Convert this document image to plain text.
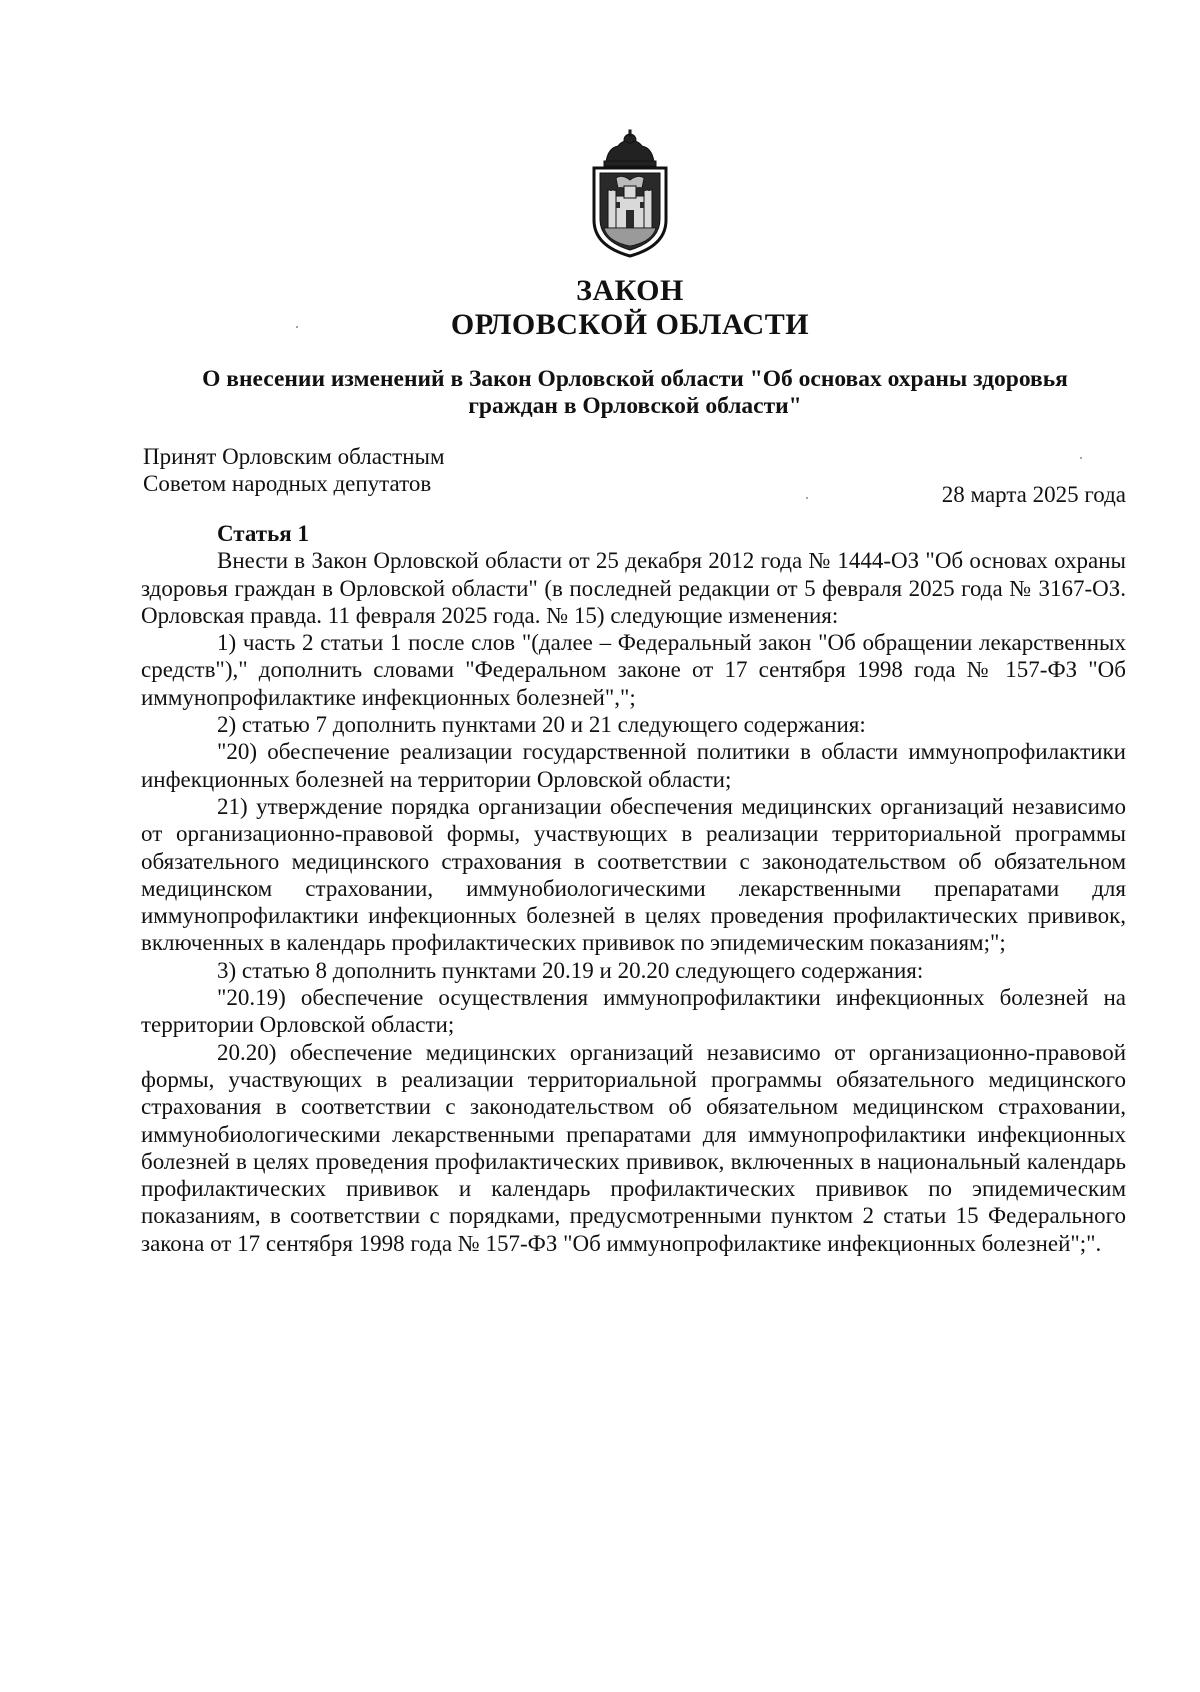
ЗАКОН
ОРЛОВСКОЙ ОБЛАСТИ
О внесении изменений в Закон Орловской области "Об основах охраны здоровья
граждан в Орловской области"
Принят Орловским областным
Советом народных депутатов	28 марта 2025 года

Статья 1

Внести в Закон Орловской области от 25 декабря 2012 года № 1444-ОЗ "Об основах охраны здоровья граждан в Орловской области" (в последней редакции от 5 февраля 2025 года № 3167-ОЗ. Орловская правда. 11 февраля 2025 года. № 15) следующие изменения:

1) часть 2 статьи 1 после слов "(далее – Федеральный закон "Об обращении лекарственных средств")," дополнить словами "Федеральном законе от 17 сентября 1998 года № 157-ФЗ "Об иммунопрофилактике инфекционных болезней",";

2) статью 7 дополнить пунктами 20 и 21 следующего содержания:

"20) обеспечение реализации государственной политики в области иммунопрофилактики инфекционных болезней на территории Орловской области;

21) утверждение порядка организации обеспечения медицинских организаций независимо от организационно-правовой формы, участвующих в реализации территориальной программы обязательного медицинского страхования в соответствии с законодательством об обязательном медицинском страховании, иммунобиологическими лекарственными препаратами для иммунопрофилактики инфекционных болезней в целях проведения профилактических прививок, включенных в календарь профилактических прививок по эпидемическим показаниям;";

3) статью 8 дополнить пунктами 20.19 и 20.20 следующего содержания:

"20.19) обеспечение осуществления иммунопрофилактики инфекционных болезней на территории Орловской области;

20.20) обеспечение медицинских организаций независимо от организационно-правовой формы, участвующих в реализации территориальной программы обязательного медицинского страхования в соответствии с законодательством об обязательном медицинском страховании, иммунобиологическими лекарственными препаратами для иммунопрофилактики инфекционных болезней в целях проведения профилактических прививок, включенных в национальный календарь профилактических прививок и календарь профилактических прививок по эпидемическим показаниям, в соответствии с порядками, предусмотренными пунктом 2 статьи 15 Федерального закона от 17 сентября 1998 года № 157-ФЗ "Об иммунопрофилактике инфекционных болезней";".
